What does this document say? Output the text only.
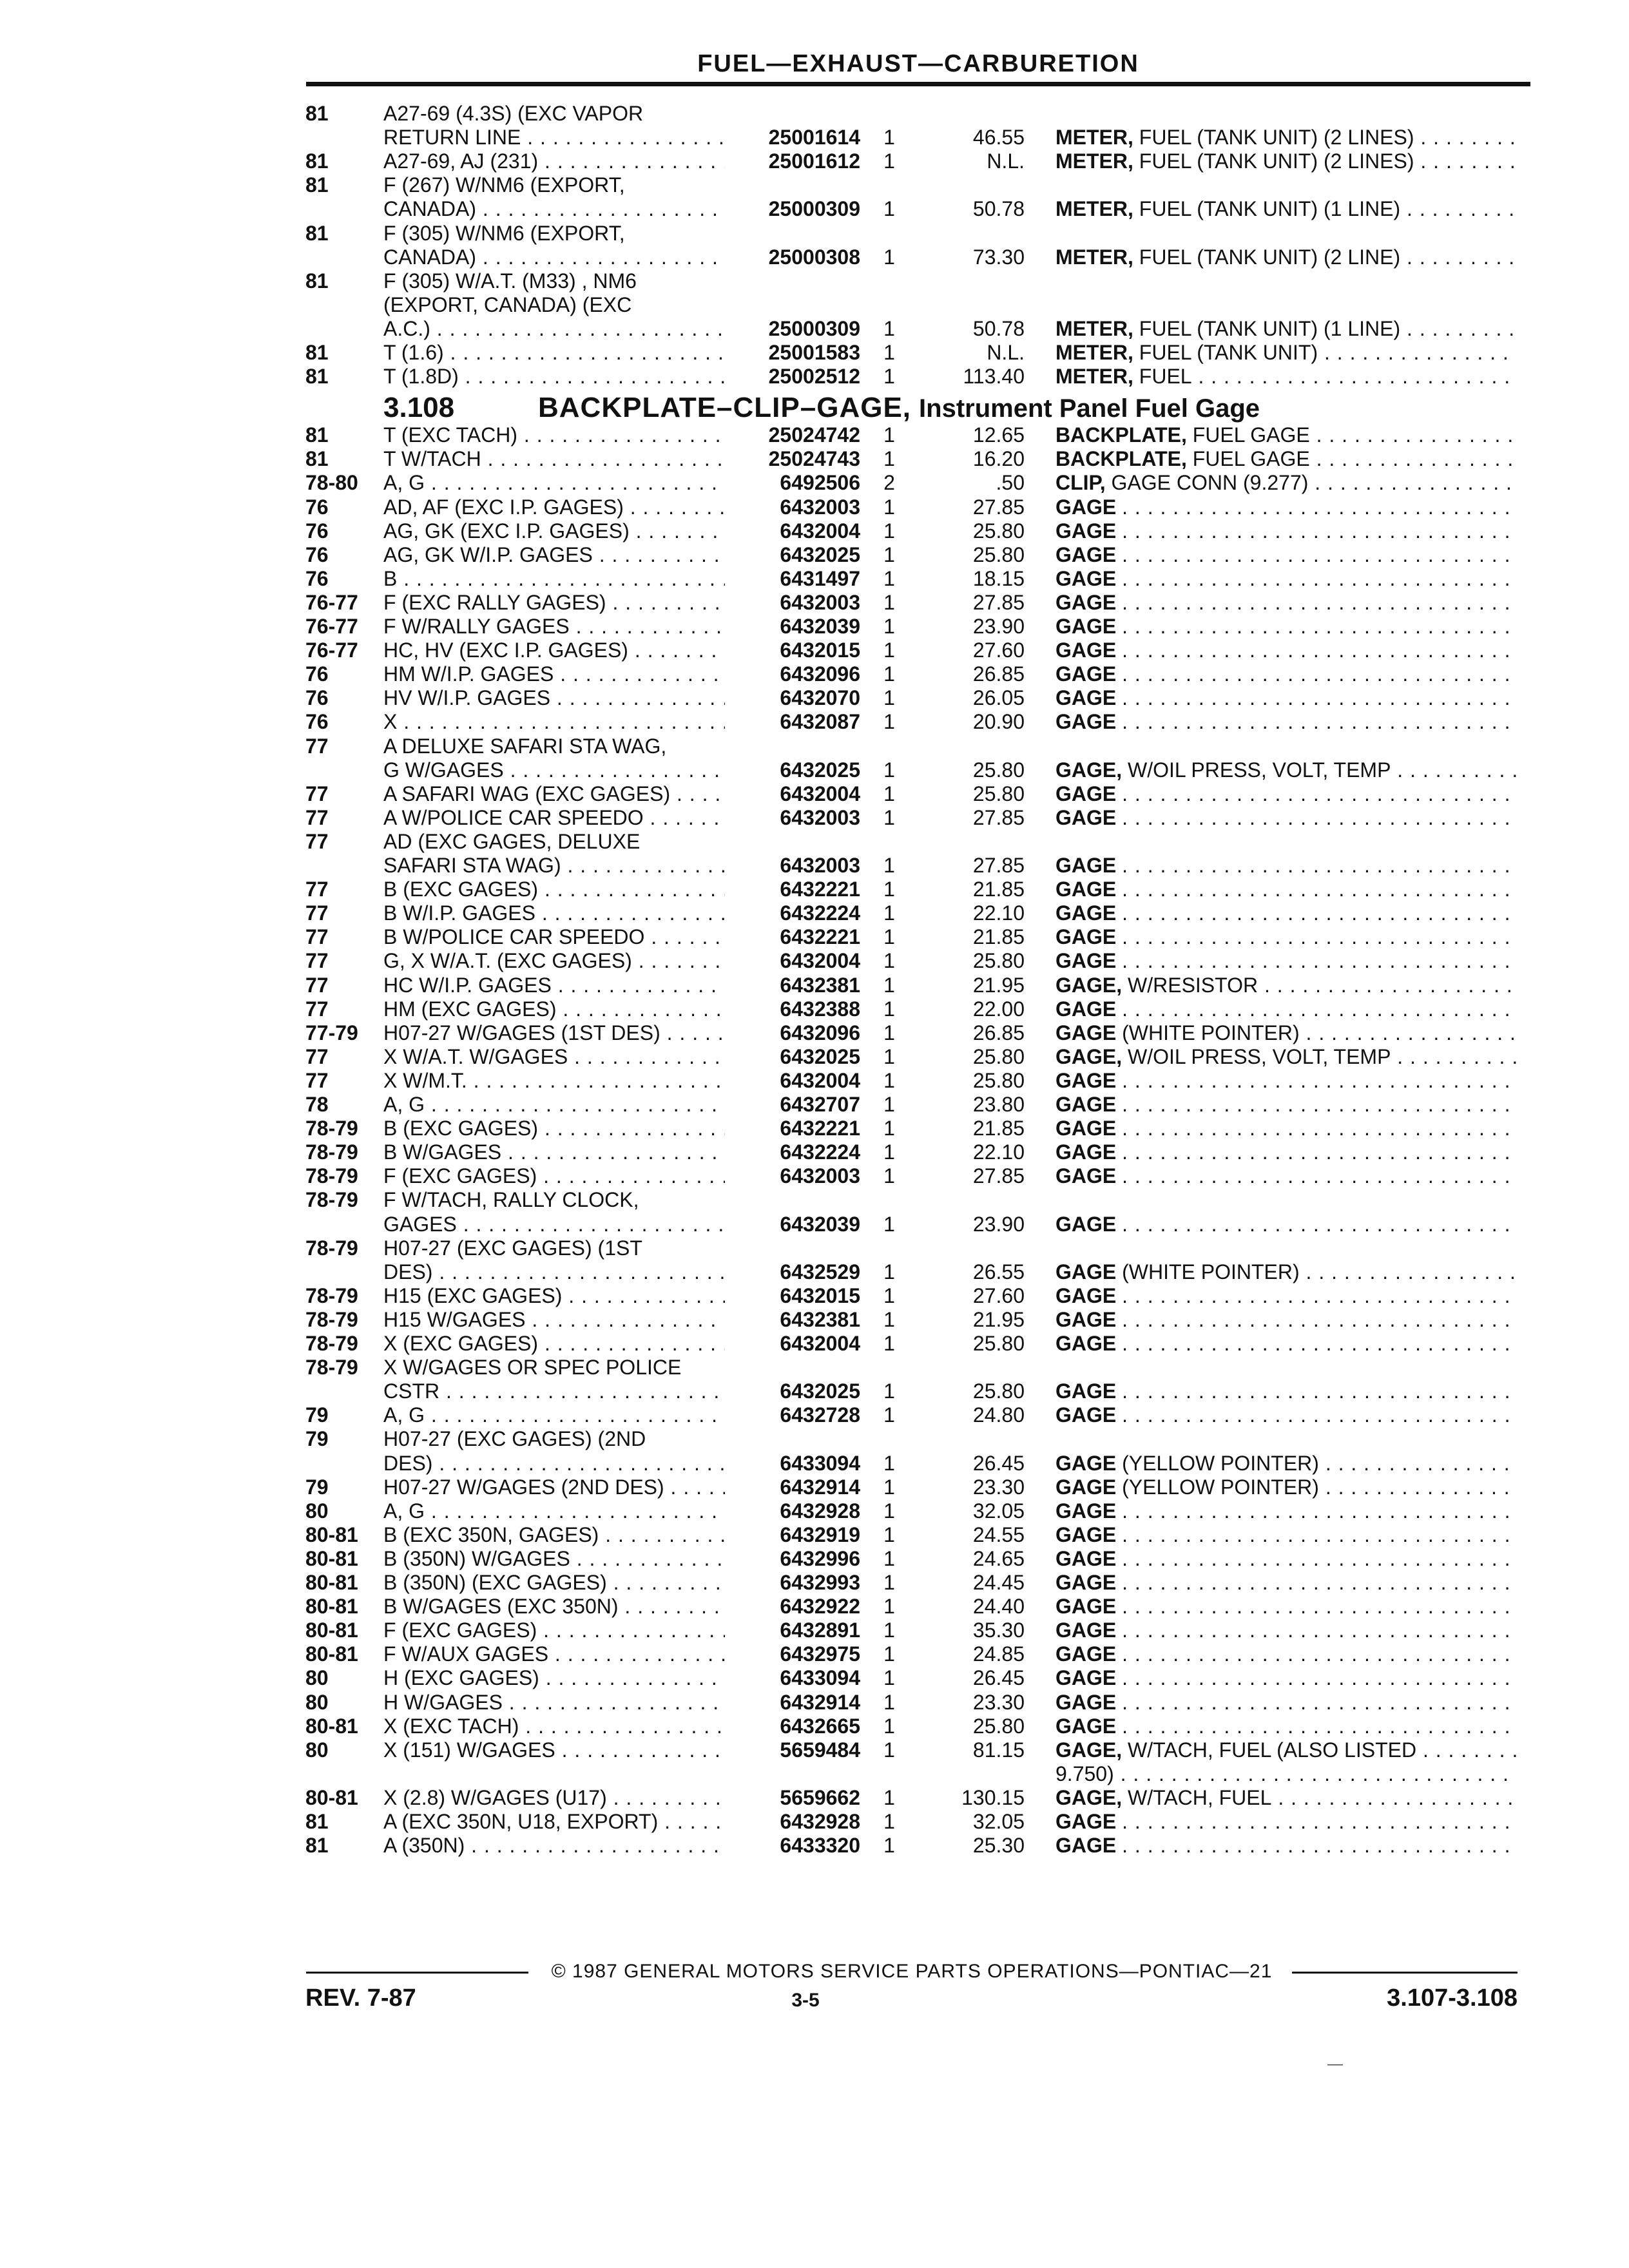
FUEL—EXHAUST—CARBURETION
81	A27-69 (4.3S) (EXC VAPOR
RETURN LINE . . .	25001614	1	46.55 METER, FUEL (TANK UNIT) (2 LINES) . . .
81	A27-69, AJ (231) . . .	25001612	1	N.L. METER, FUEL (TANK UNIT) (2 LINES) . . .
81	F (267) W/NM6 (EXPORT,
CANADA) . . .	25000309	1	50.78 METER, FUEL (TANK UNIT) (1 LINE) . . .
81	F (305) W/NM6 (EXPORT,
CANADA) . . .	25000308	1	73.30 METER, FUEL (TANK UNIT) (2 LINE) . . .
81	F (305) W/A.T. (M33) , NM6
(EXPORT, CANADA) (EXC
A.C.) . . .	25000309	1	50.78 METER, FUEL (TANK UNIT) (1 LINE) . . .
81	T (1.6) . . .	25001583	1	N.L. METER, FUEL (TANK UNIT) . . .
81	T (1.8D) . . .	25002512	1	113.40 METER, FUEL . . .
3.108	BACKPLATE–CLIP–GAGE, Instrument Panel Fuel Gage
81	T (EXC TACH) . . .	25024742	1	12.65 BACKPLATE, FUEL GAGE . . .
81	T W/TACH . . .	25024743	1	16.20 BACKPLATE, FUEL GAGE . . .
78-80	A, G . . .	6492506	2	.50 CLIP, GAGE CONN (9.277) . . .
76	AD, AF (EXC I.P. GAGES) . . .	6432003	1	27.85 GAGE . . .
76	AG, GK (EXC I.P. GAGES) . . .	6432004	1	25.80 GAGE . . .
76	AG, GK W/I.P. GAGES . . .	6432025	1	25.80 GAGE . . .
76	B . . .	6431497	1	18.15 GAGE . . .
76-77	F (EXC RALLY GAGES) . . .	6432003	1	27.85 GAGE . . .
76-77	F W/RALLY GAGES . . .	6432039	1	23.90 GAGE . . .
76-77	HC, HV (EXC I.P. GAGES) . . .	6432015	1	27.60 GAGE . . .
76	HM W/I.P. GAGES . . .	6432096	1	26.85 GAGE . . .
76	HV W/I.P. GAGES . . .	6432070	1	26.05 GAGE . . .
76	X . . .	6432087	1	20.90 GAGE . . .
77	A DELUXE SAFARI STA WAG,
G W/GAGES . . .	6432025	1	25.80 GAGE, W/OIL PRESS, VOLT, TEMP . . .
77	A SAFARI WAG (EXC GAGES) . . .	6432004	1	25.80 GAGE . . .
77	A W/POLICE CAR SPEEDO . . .	6432003	1	27.85 GAGE . . .
77	AD (EXC GAGES, DELUXE
SAFARI STA WAG) . . .	6432003	1	27.85 GAGE . . .
77	B (EXC GAGES) . . .	6432221	1	21.85 GAGE . . .
77	B W/I.P. GAGES . . .	6432224	1	22.10 GAGE . . .
77	B W/POLICE CAR SPEEDO . . .	6432221	1	21.85 GAGE . . .
77	G, X W/A.T. (EXC GAGES) . . .	6432004	1	25.80 GAGE . . .
77	HC W/I.P. GAGES . . .	6432381	1	21.95 GAGE, W/RESISTOR . . .
77	HM (EXC GAGES) . . .	6432388	1	22.00 GAGE . . .
77-79	H07-27 W/GAGES (1ST DES) . . .	6432096	1	26.85 GAGE (WHITE POINTER) . . .
77	X W/A.T. W/GAGES . . .	6432025	1	25.80 GAGE, W/OIL PRESS, VOLT, TEMP . . .
77	X W/M.T. . . .	6432004	1	25.80 GAGE . . .
78	A, G . . .	6432707	1	23.80 GAGE . . .
78-79	B (EXC GAGES) . . .	6432221	1	21.85 GAGE . . .
78-79	B W/GAGES . . .	6432224	1	22.10 GAGE . . .
78-79	F (EXC GAGES) . . .	6432003	1	27.85 GAGE . . .
78-79	F W/TACH, RALLY CLOCK,
GAGES . . .	6432039	1	23.90 GAGE . . .
78-79	H07-27 (EXC GAGES) (1ST
DES) . . .	6432529	1	26.55 GAGE (WHITE POINTER) . . .
78-79	H15 (EXC GAGES) . . .	6432015	1	27.60 GAGE . . .
78-79	H15 W/GAGES . . .	6432381	1	21.95 GAGE . . .
78-79	X (EXC GAGES) . . .	6432004	1	25.80 GAGE . . .
78-79	X W/GAGES OR SPEC POLICE
CSTR . . .	6432025	1	25.80 GAGE . . .
79	A, G . . .	6432728	1	24.80 GAGE . . .
79	H07-27 (EXC GAGES) (2ND
DES) . . .	6433094	1	26.45 GAGE (YELLOW POINTER) . . .
79	H07-27 W/GAGES (2ND DES) . . .	6432914	1	23.30 GAGE (YELLOW POINTER) . . .
80	A, G . . .	6432928	1	32.05 GAGE . . .
80-81	B (EXC 350N, GAGES) . . .	6432919	1	24.55 GAGE . . .
80-81	B (350N) W/GAGES . . .	6432996	1	24.65 GAGE . . .
80-81	B (350N) (EXC GAGES) . . .	6432993	1	24.45 GAGE . . .
80-81	B W/GAGES (EXC 350N) . . .	6432922	1	24.40 GAGE . . .
80-81	F (EXC GAGES) . . .	6432891	1	35.30 GAGE . . .
80-81	F W/AUX GAGES . . .	6432975	1	24.85 GAGE . . .
80	H (EXC GAGES) . . .	6433094	1	26.45 GAGE . . .
80	H W/GAGES . . .	6432914	1	23.30 GAGE . . .
80-81	X (EXC TACH) . . .	6432665	1	25.80 GAGE . . .
80	X (151) W/GAGES . . .	5659484	1	81.15 GAGE, W/TACH, FUEL (ALSO LISTED . . .
9.750) . . .
80-81	X (2.8) W/GAGES (U17) . . .	5659662	1	130.15 GAGE, W/TACH, FUEL . . .
81	A (EXC 350N, U18, EXPORT) . . .	6432928	1	32.05 GAGE . . .
81	A (350N) . . .	6433320	1	25.30 GAGE . . .
© 1987 GENERAL MOTORS SERVICE PARTS OPERATIONS—PONTIAC—21
REV. 7-87	3-5	3.107-3.108
—
